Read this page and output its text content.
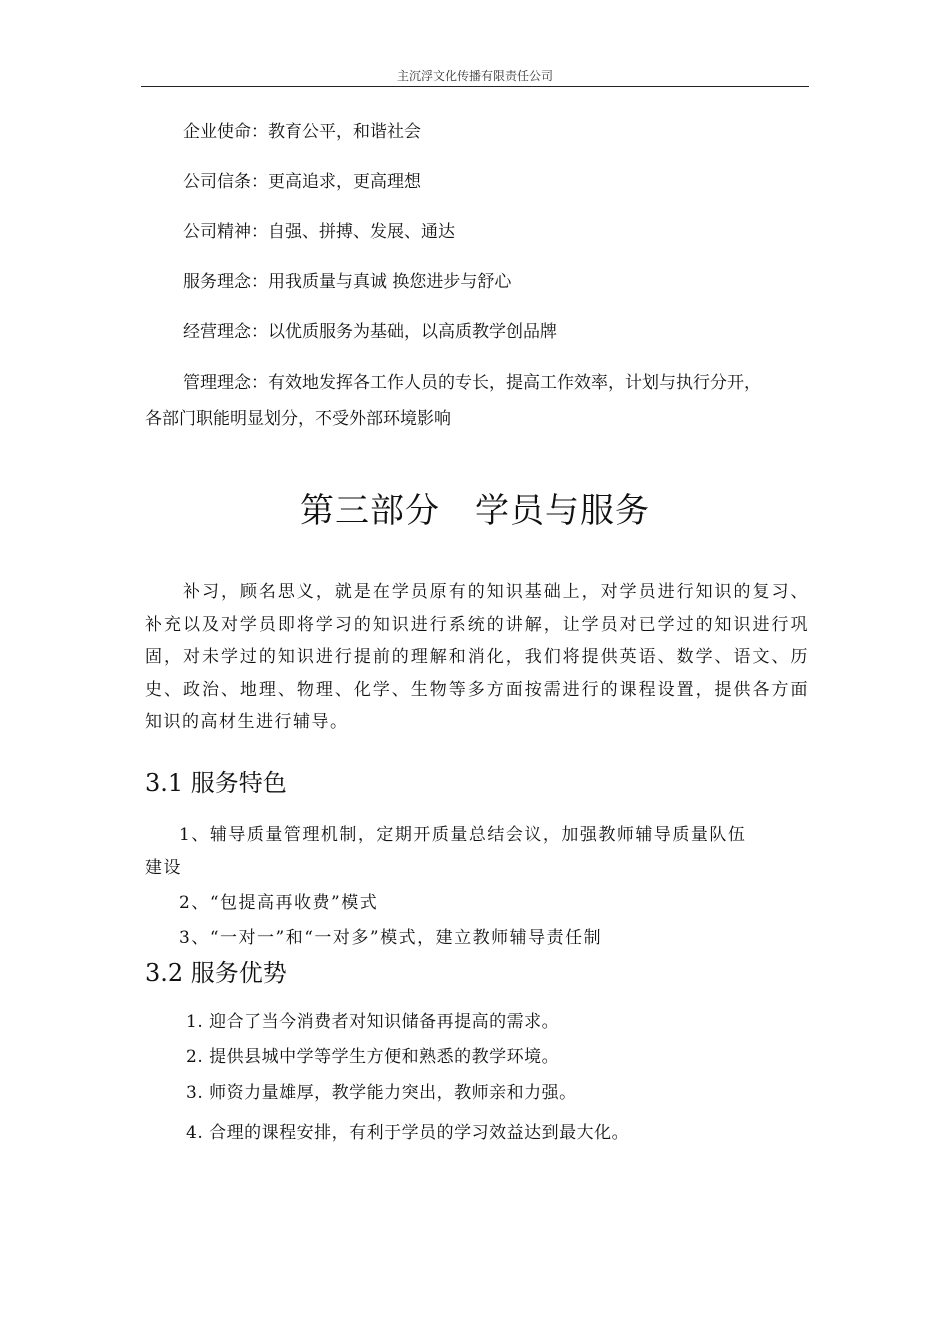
主沉浮文化传播有限责任公司

企业使命：教育公平，和谐社会

公司信条：更高追求，更高理想

公司精神：自强、拼搏、发展、通达

服务理念：用我质量与真诚 换您进步与舒心

经营理念：以优质服务为基础，以高质教学创品牌

管理理念：有效地发挥各工作人员的专长，提高工作效率，计划与执行分开，

各部门职能明显划分，不受外部环境影响

第三部分　学员与服务

补习，顾名思义，就是在学员原有的知识基础上，对学员进行知识的复习、补充以及对学员即将学习的知识进行系统的讲解，让学员对已学过的知识进行巩固，对未学过的知识进行提前的理解和消化，我们将提供英语、数学、语文、历史、政治、地理、物理、化学、生物等多方面按需进行的课程设置，提供各方面知识的高材生进行辅导。

3.1 服务特色

1、辅导质量管理机制，定期开质量总结会议，加强教师辅导质量队伍

建设

2、“包提高再收费”模式

3、“一对一”和“一对多”模式，建立教师辅导责任制

3.2 服务优势

1. 迎合了当今消费者对知识储备再提高的需求。

2. 提供县城中学等学生方便和熟悉的教学环境。

3. 师资力量雄厚，教学能力突出，教师亲和力强。

4. 合理的课程安排，有利于学员的学习效益达到最大化。
